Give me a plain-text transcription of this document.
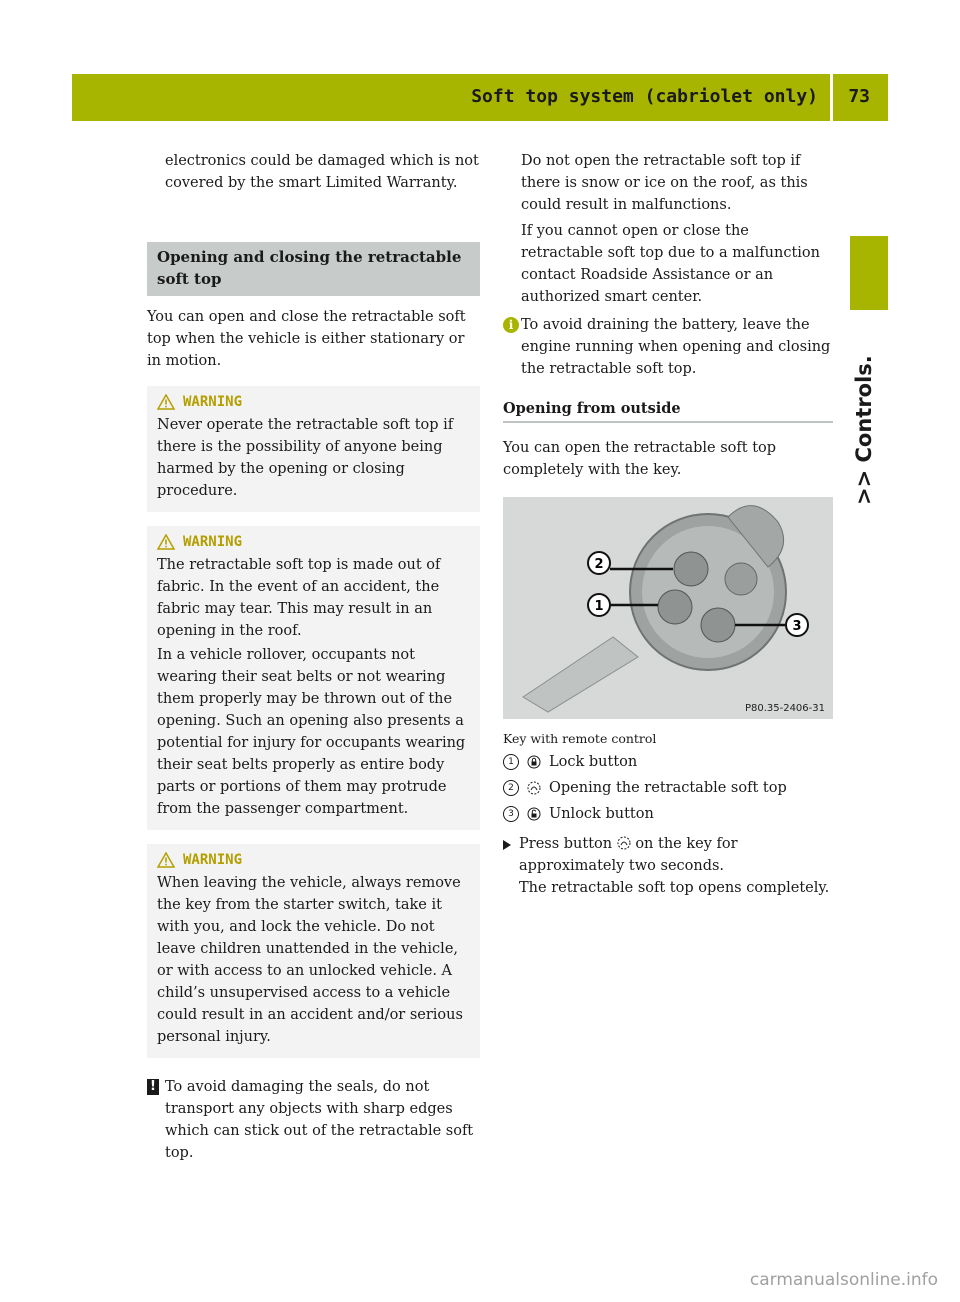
Soft top system (cabriolet only) 73
>> Controls.

electronics could be damaged which is not covered by the smart Limited Warranty.

Opening and closing the retractable soft top

You can open and close the retractable soft top when the vehicle is either stationary or in motion.

WARNING

Never operate the retractable soft top if there is the possibility of anyone being harmed by the opening or closing procedure.

WARNING

The retractable soft top is made out of fabric. In the event of an accident, the fabric may tear. This may result in an opening in the roof.

In a vehicle rollover, occupants not wearing their seat belts or not wearing them properly may be thrown out of the opening. Such an opening also presents a potential for injury for occupants wearing their seat belts properly as entire body parts or portions of them may protrude from the passenger compartment.

WARNING

When leaving the vehicle, always remove the key from the starter switch, take it with you, and lock the vehicle. Do not leave children unattended in the vehicle, or with access to an unlocked vehicle. A child’s unsupervised access to a vehicle could result in an accident and/or serious personal injury.

! To avoid damaging the seals, do not transport any objects with sharp edges which can stick out of the retractable soft top.

Do not open the retractable soft top if there is snow or ice on the roof, as this could result in malfunctions.

If you cannot open or close the retractable soft top due to a malfunction contact Roadside Assistance or an authorized smart center.

i To avoid draining the battery, leave the engine running when opening and closing the retractable soft top.

Opening from outside

You can open the retractable soft top completely with the key.

2
1
3
P80.35-2406-31
Key with remote control
1	Lock button
2	Opening the retractable soft top
3	Unlock button

Press button on the key for approximately two seconds.

The retractable soft top opens completely.

carmanualsonline.info
